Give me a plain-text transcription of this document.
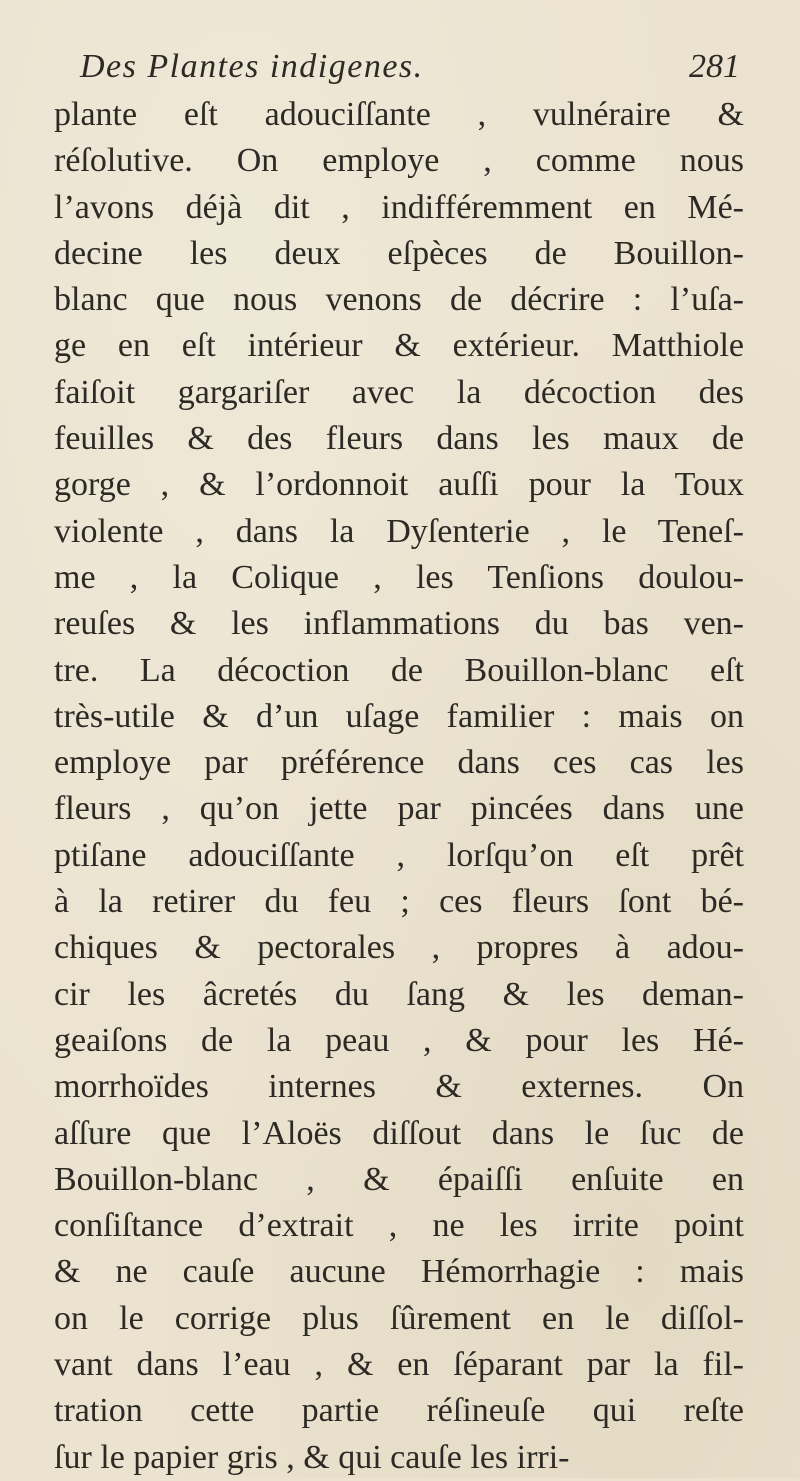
Des Plantes indigenes.	281
plante eſt adouciſſante , vulnéraire &
réſolutive. On employe , comme nous
l’avons déjà dit , indifféremment en Mé-
decine les deux eſpèces de Bouillon-
blanc que nous venons de décrire : l’uſa-
ge en eſt intérieur & extérieur. Matthiole
faiſoit gargariſer avec la décoction des
feuilles & des fleurs dans les maux de
gorge , & l’ordonnoit auſſi pour la Toux
violente , dans la Dyſenterie , le Teneſ-
me , la Colique , les Tenſions doulou-
reuſes & les inflammations du bas ven-
tre. La décoction de Bouillon-blanc eſt
très-utile & d’un uſage familier : mais on
employe par préférence dans ces cas les
fleurs , qu’on jette par pincées dans une
ptiſane adouciſſante , lorſqu’on eſt prêt
à la retirer du feu ; ces fleurs ſont bé-
chiques & pectorales , propres à adou-
cir les âcretés du ſang & les deman-
geaiſons de la peau , & pour les Hé-
morrhoïdes internes & externes. On
aſſure que l’Aloës diſſout dans le ſuc de
Bouillon-blanc , & épaiſſi enſuite en
conſiſtance d’extrait , ne les irrite point
& ne cauſe aucune Hémorrhagie : mais
on le corrige plus ſûrement en le diſſol-
vant dans l’eau , & en ſéparant par la fil-
tration cette partie réſineuſe qui reſte
ſur le papier gris , & qui cauſe les irri-
